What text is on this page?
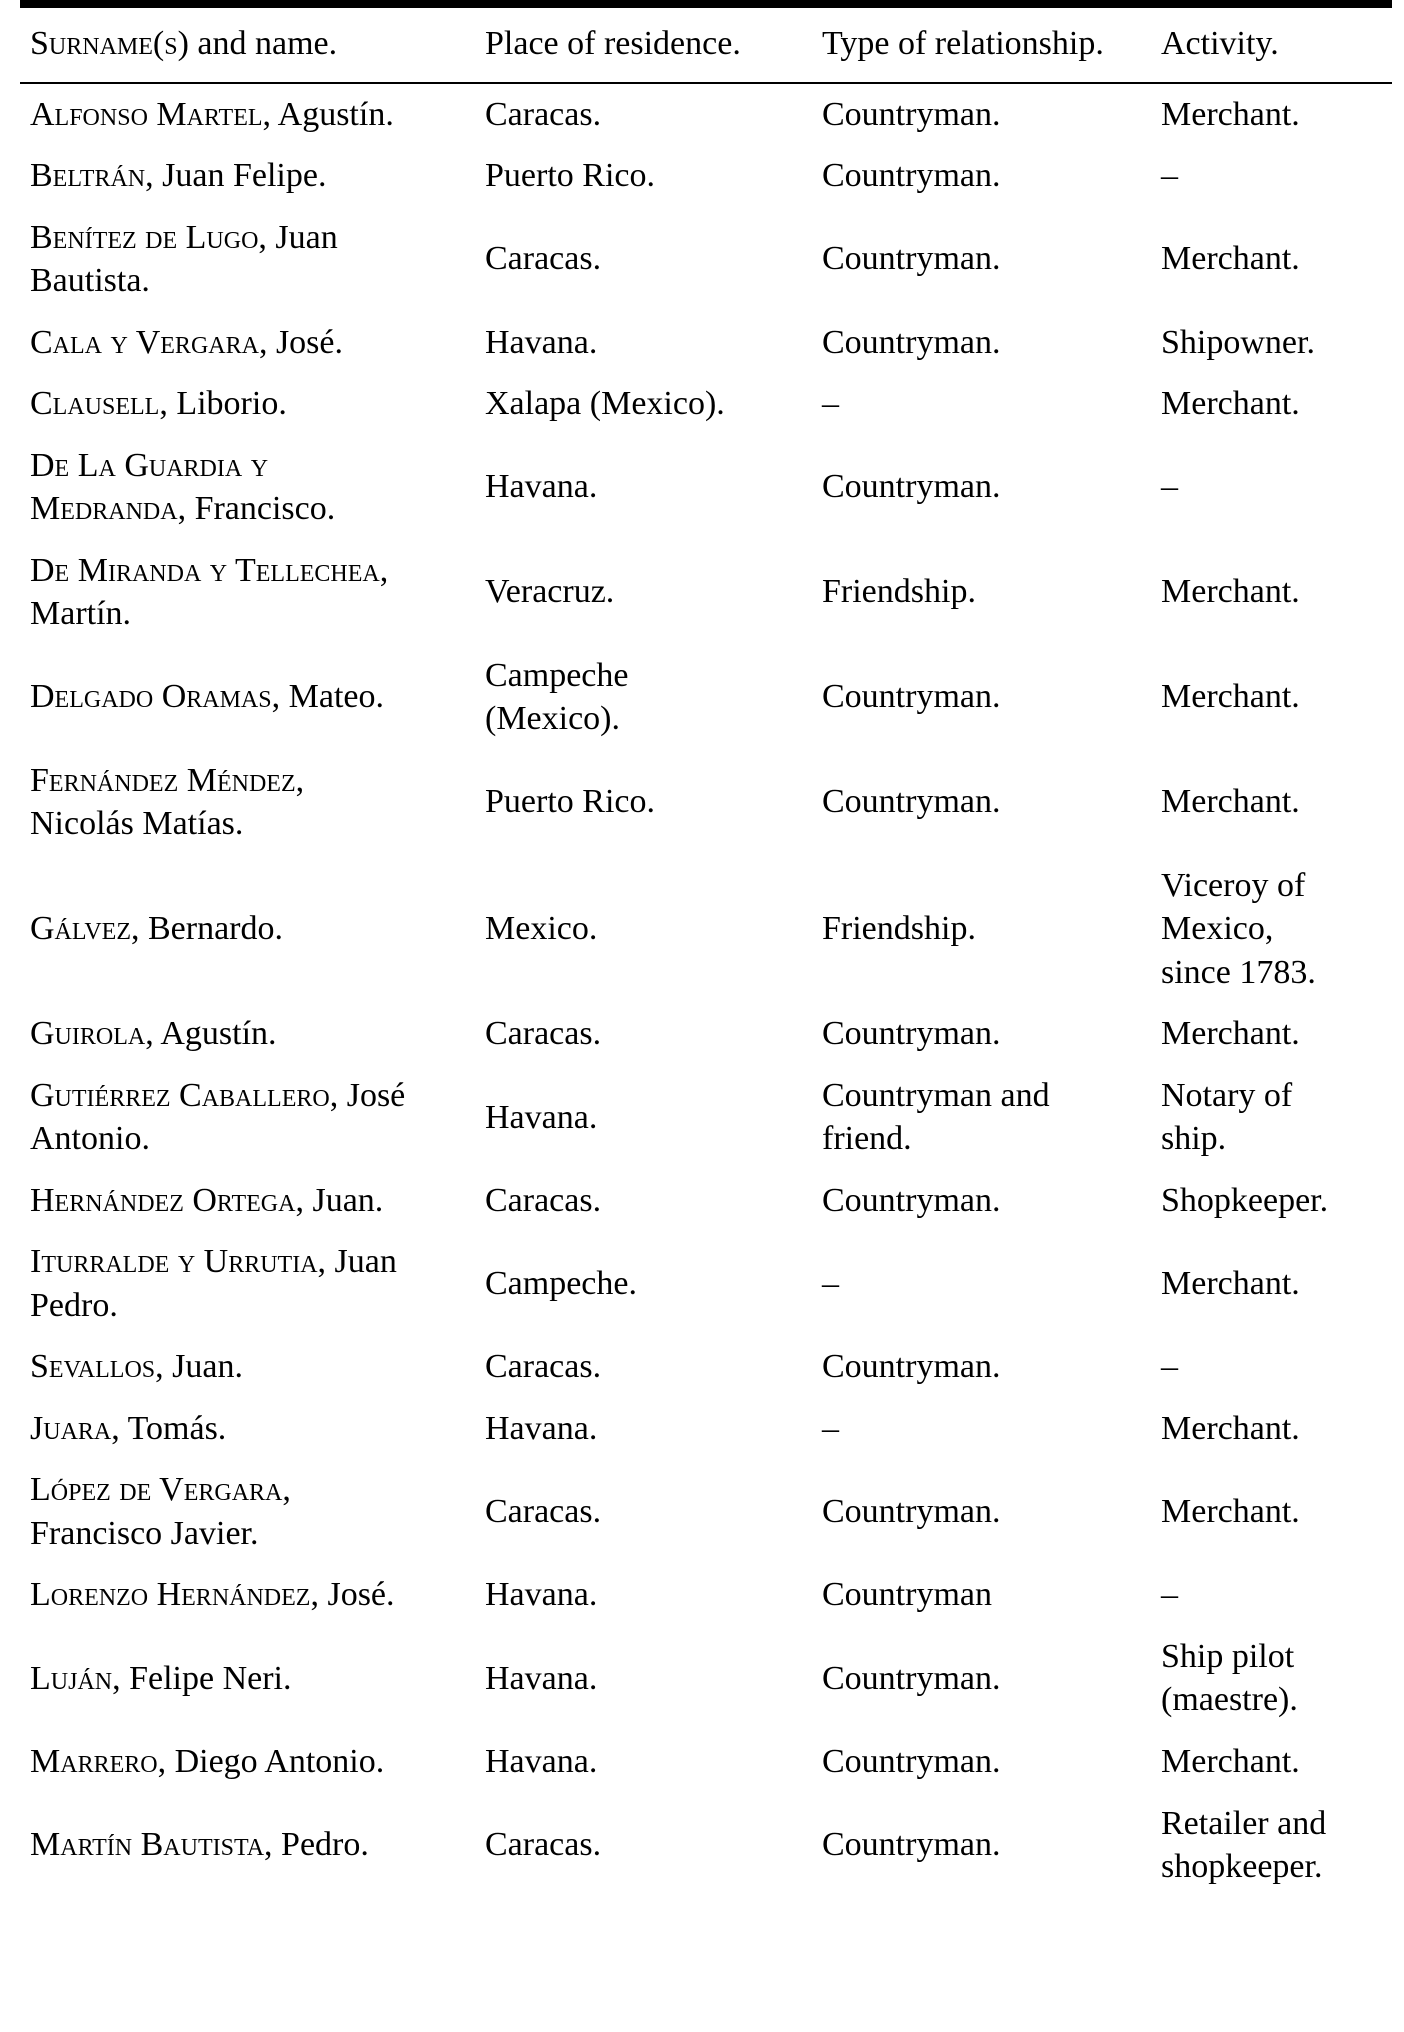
Surname(s) and name.	Place of residence.	Type of relationship.	Activity.
Alfonso Martel, Agustín.	Caracas.	Countryman.	Merchant.
Beltrán, Juan Felipe.	Puerto Rico.	Countryman.	–
Benítez de Lugo, Juan Bautista.	Caracas.	Countryman.	Merchant.
Cala y Vergara, José.	Havana.	Countryman.	Shipowner.
Clausell, Liborio.	Xalapa (Mexico).	–	Merchant.
De La Guardia y Medranda, Francisco.	Havana.	Countryman.	–
De Miranda y Tellechea, Martín.	Veracruz.	Friendship.	Merchant.
Delgado Oramas, Mateo.	Campeche (Mexico).	Countryman.	Merchant.
Fernández Méndez, Nicolás Matías.	Puerto Rico.	Countryman.	Merchant.
Gálvez, Bernardo.	Mexico.	Friendship.	Viceroy of Mexico, since 1783.
Guirola, Agustín.	Caracas.	Countryman.	Merchant.
Gutiérrez Caballero, José Antonio.	Havana.	Countryman and friend.	Notary of ship.
Hernández Ortega, Juan.	Caracas.	Countryman.	Shopkeeper.
Iturralde y Urrutia, Juan Pedro.	Campeche.	–	Merchant.
Sevallos, Juan.	Caracas.	Countryman.	–
Juara, Tomás.	Havana.	–	Merchant.
López de Vergara, Francisco Javier.	Caracas.	Countryman.	Merchant.
Lorenzo Hernández, José.	Havana.	Countryman	–
Luján, Felipe Neri.	Havana.	Countryman.	Ship pilot (maestre).
Marrero, Diego Antonio.	Havana.	Countryman.	Merchant.
Martín Bautista, Pedro.	Caracas.	Countryman.	Retailer and shopkeeper.
